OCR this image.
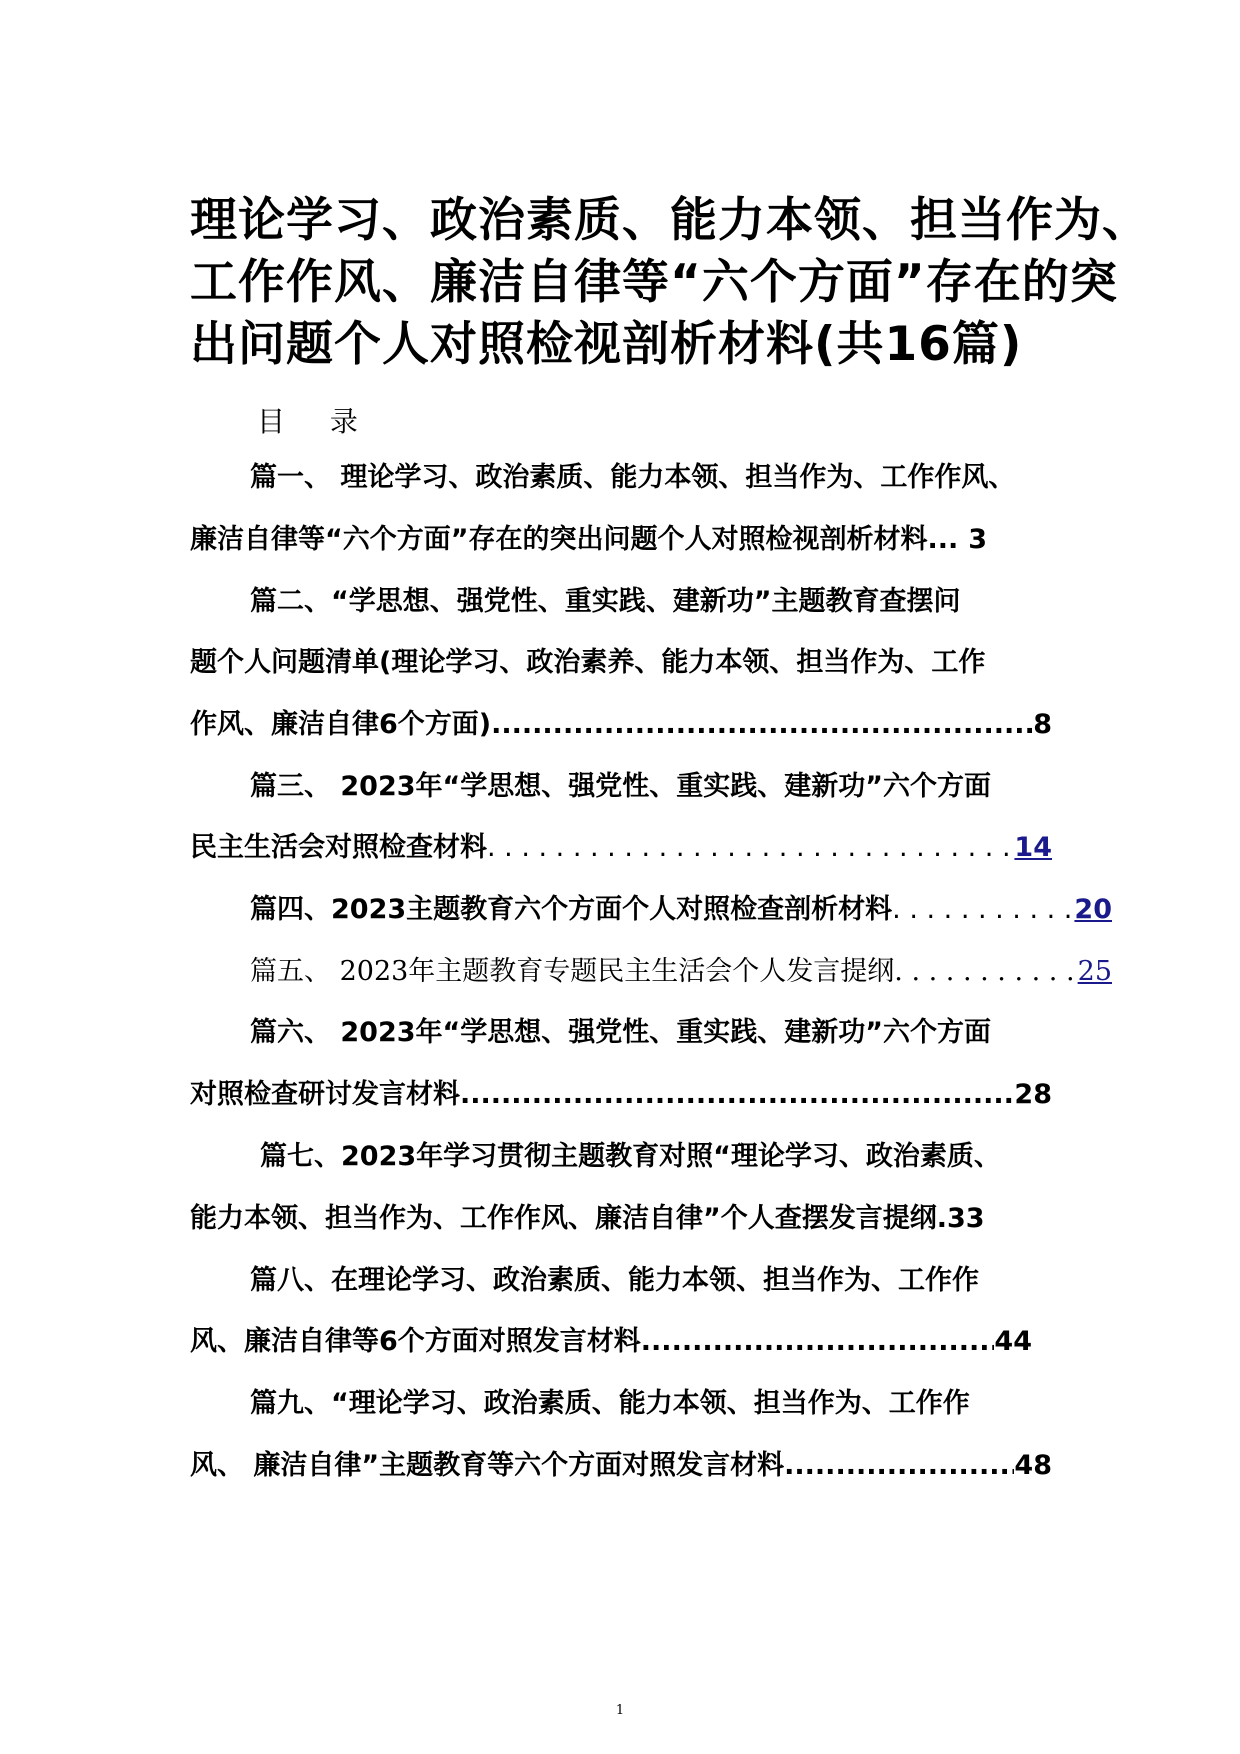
理论学习、政治素质、能力本领、担当作为、
工作作风、廉洁自律等“六个方面”存在的突
出问题个人对照检视剖析材料(共16篇)
目 录
篇一、 理论学习、政治素质、能力本领、担当作为、工作作风、
廉洁自律等“六个方面”存在的突出问题个人对照检视剖析材料 ... 3
篇二、“学思想、强党性、重实践、建新功”主题教育查摆问
题个人问题清单(理论学习、政治素养、能力本领、担当作为、工作
作风、廉洁自律6个方面) .....	8
篇三、 2023年“学思想、强党性、重实践、建新功”六个方面
民主生活会对照检查材料 . . .	14
篇四、2023主题教育六个方面个人对照检查剖析材料 . . .	20
篇五、 2023年主题教育专题民主生活会个人发言提纲 . . .	25
篇六、 2023年“学思想、强党性、重实践、建新功”六个方面
对照检查研讨发言材料 .....	28
篇七、2023年学习贯彻主题教育对照“理论学习、政治素质、
能力本领、担当作为、工作作风、廉洁自律”个人查摆发言提纲.33
篇八、在理论学习、政治素质、能力本领、担当作为、工作作
风、廉洁自律等6个方面对照发言材料 .....	44
篇九、“理论学习、政治素质、能力本领、担当作为、工作作
风、 廉洁自律”主题教育等六个方面对照发言材料 .....	48
1
